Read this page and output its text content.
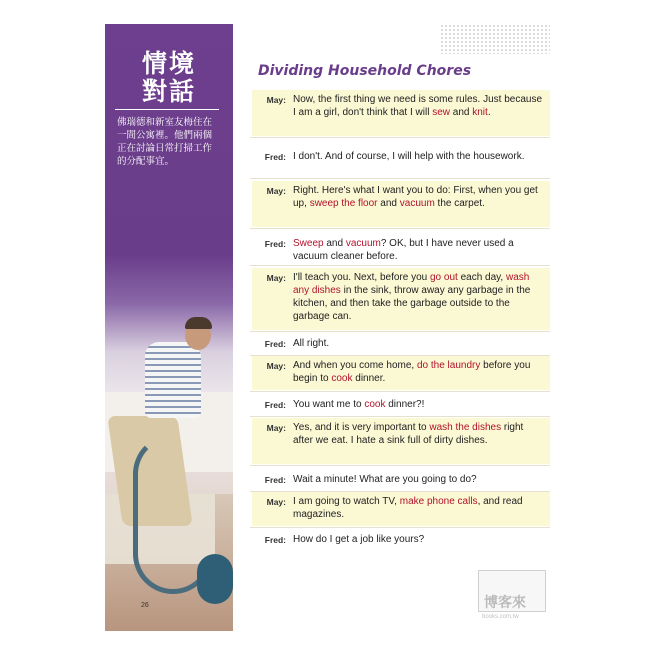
情境
對話
佛瑞德和新室友梅住在一間公寓裡。他們兩個正在討論日常打掃工作的分配事宜。
26
Dividing Household Chores
May: Now, the first thing we need is some rules. Just because I am a girl, don't think that I will sew and knit.
Fred: I don't. And of course, I will help with the housework.
May: Right. Here's what I want you to do: First, when you get up, sweep the floor and vacuum the carpet.
Fred: Sweep and vacuum? OK, but I have never used a vacuum cleaner before.
May: I'll teach you. Next, before you go out each day, wash any dishes in the sink, throw away any garbage in the kitchen, and then take the garbage outside to the garbage can.
Fred: All right.
May: And when you come home, do the laundry before you begin to cook dinner.
Fred: You want me to cook dinner?!
May: Yes, and it is very important to wash the dishes right after we eat. I hate a sink full of dirty dishes.
Fred: Wait a minute! What are you going to do?
May: I am going to watch TV, make phone calls, and read magazines.
Fred: How do I get a job like yours?
博客來
books.com.tw
